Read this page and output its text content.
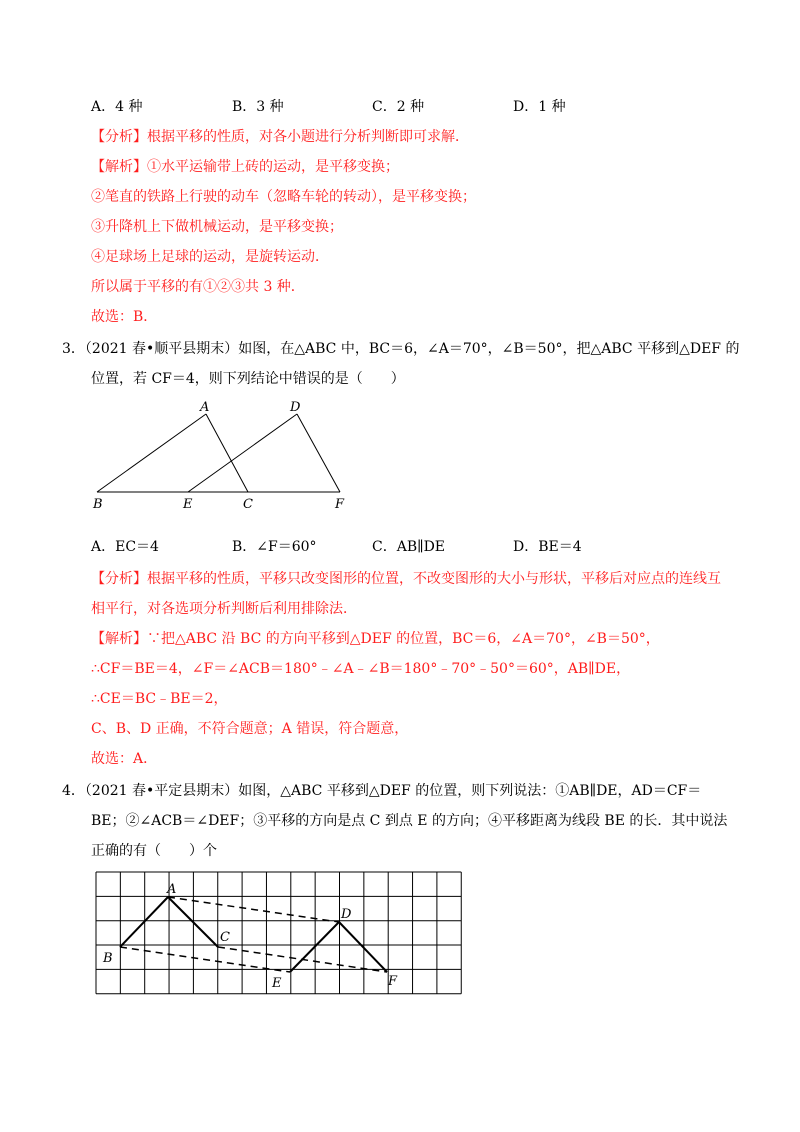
A．4 种	B．3 种	C．2 种	D．1 种
【分析】根据平移的性质，对各小题进行分析判断即可求解．
【解析】①水平运输带上砖的运动，是平移变换；
②笔直的铁路上行驶的动车（忽略车轮的转动），是平移变换；
③升降机上下做机械运动，是平移变换；
④足球场上足球的运动，是旋转运动．
所以属于平移的有①②③共 3 种．
故选：B．
3．（2021 春•顺平县期末）如图，在△ABC 中，BC＝6，∠A＝70°，∠B＝50°，把△ABC 平移到△DEF 的
位置，若 CF＝4，则下列结论中错误的是（　　）
A	D
B	E	C	F
A．EC＝4	B．∠F＝60°	C．AB∥DE	D．BE＝4
【分析】根据平移的性质，平移只改变图形的位置，不改变图形的大小与形状，平移后对应点的连线互
相平行，对各选项分析判断后利用排除法．
【解析】∵把△ABC 沿 BC 的方向平移到△DEF 的位置，BC＝6，∠A＝70°，∠B＝50°，
∴CF＝BE＝4，∠F＝∠ACB＝180°﹣∠A﹣∠B＝180°﹣70°﹣50°＝60°，AB∥DE，
∴CE＝BC﹣BE＝2，
C、B、D 正确，不符合题意；A 错误，符合题意，
故选：A．
4．（2021 春•平定县期末）如图，△ABC 平移到△DEF 的位置，则下列说法：①AB∥DE，AD＝CF＝
BE；②∠ACB＝∠DEF；③平移的方向是点 C 到点 E 的方向；④平移距离为线段 BE 的长．其中说法
正确的有（　　）个
A
B
C
D
E	F
